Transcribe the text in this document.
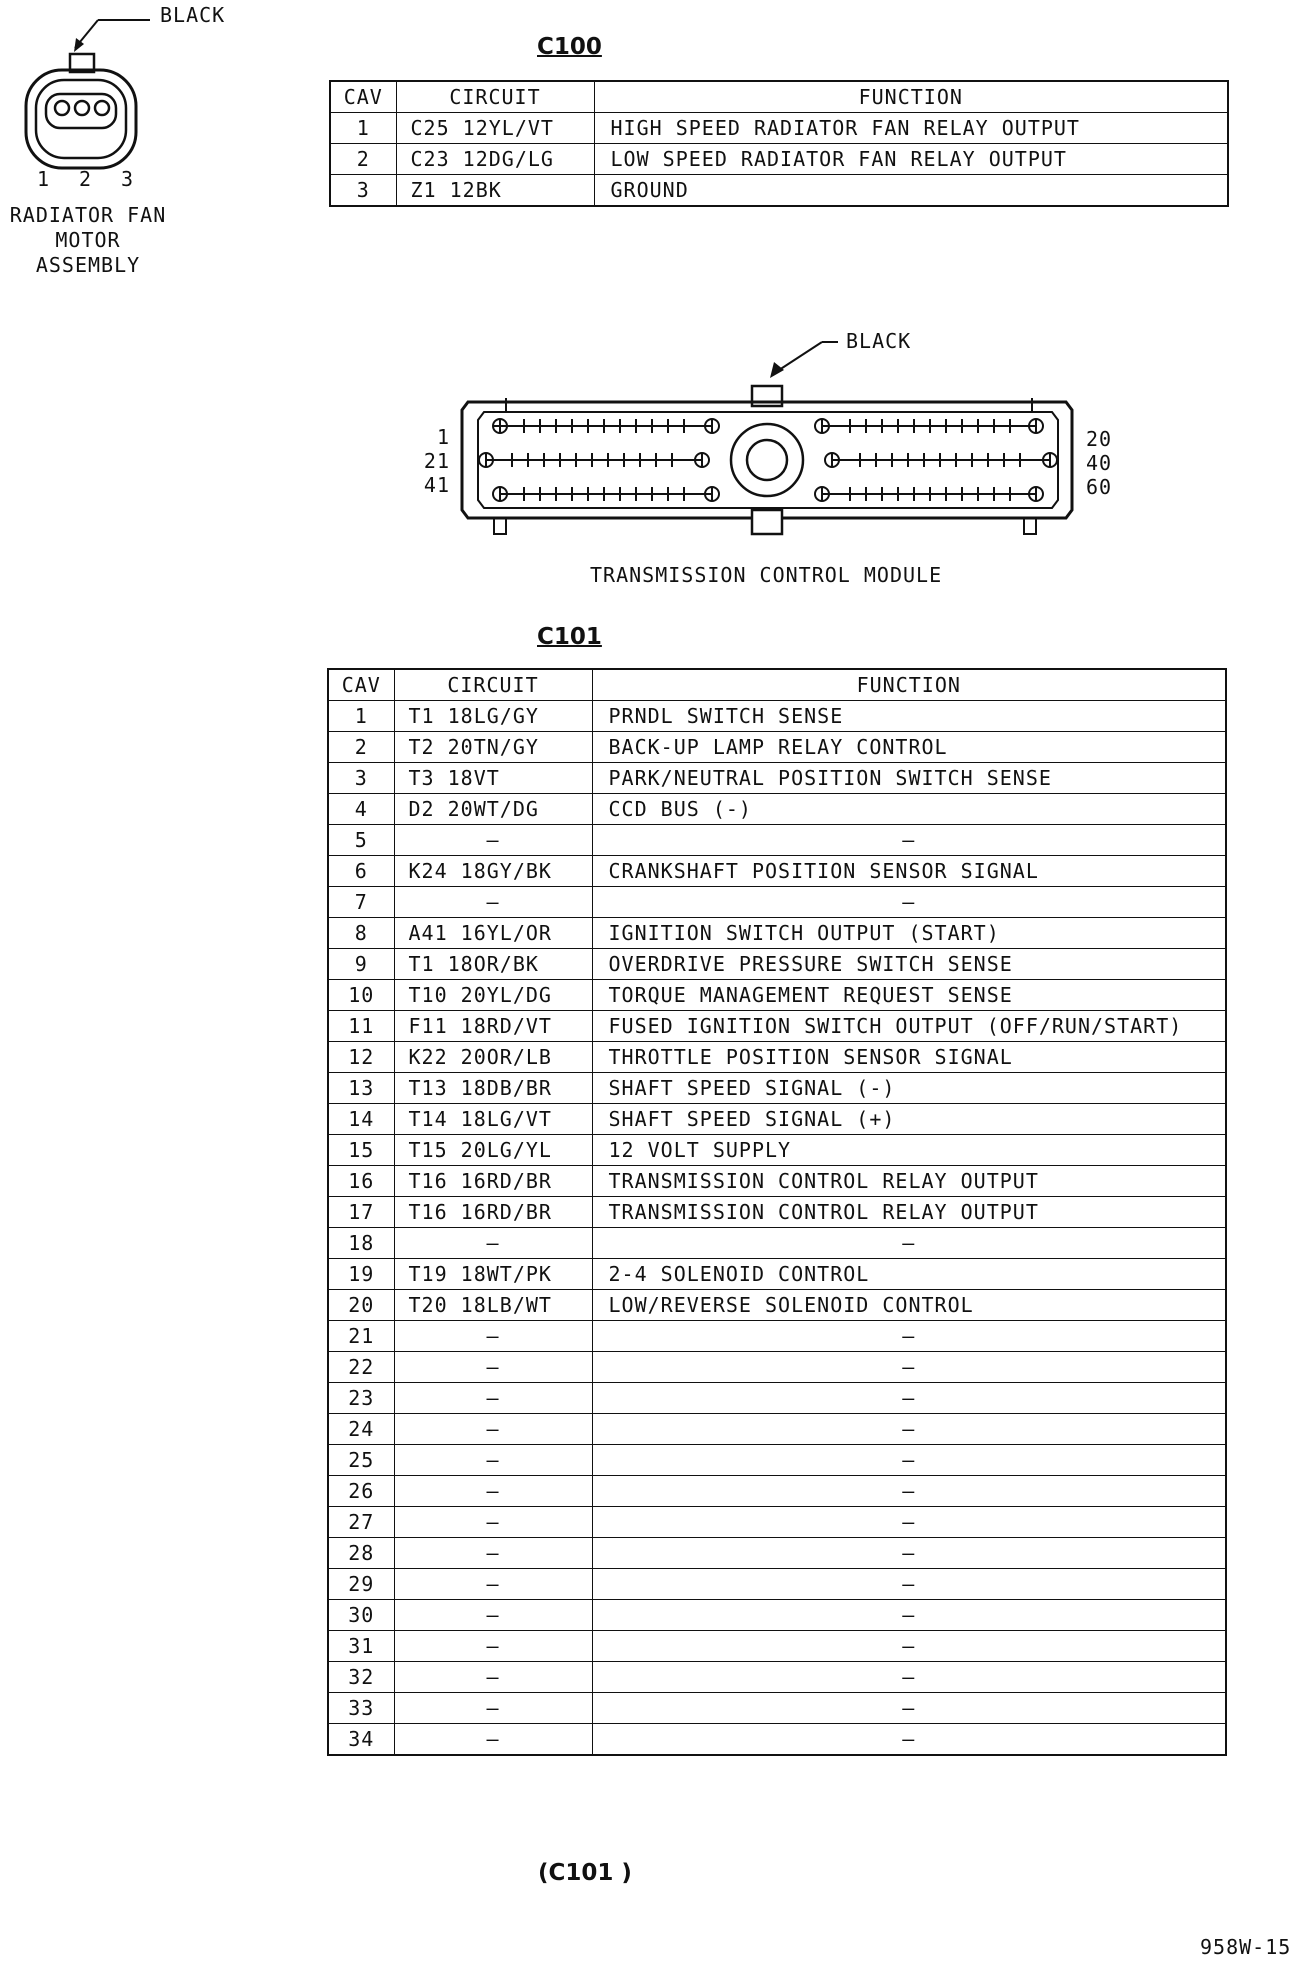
BLACK
1 2 3
RADIATOR FAN
MOTOR
ASSEMBLY
C100
CAV	CIRCUIT	FUNCTION
1	C25 12YL/VT	HIGH SPEED RADIATOR FAN RELAY OUTPUT
2	C23 12DG/LG	LOW SPEED RADIATOR FAN RELAY OUTPUT
3	Z1 12BK	GROUND
BLACK
1
21
41
20
40
60
TRANSMISSION CONTROL MODULE
C101
CAV	CIRCUIT	FUNCTION
1	T1 18LG/GY	PRNDL SWITCH SENSE
2	T2 20TN/GY	BACK-UP LAMP RELAY CONTROL
3	T3 18VT	PARK/NEUTRAL POSITION SWITCH SENSE
4	D2 20WT/DG	CCD BUS (-)
5	–	–
6	K24 18GY/BK	CRANKSHAFT POSITION SENSOR SIGNAL
7	–	–
8	A41 16YL/OR	IGNITION SWITCH OUTPUT (START)
9	T1 18OR/BK	OVERDRIVE PRESSURE SWITCH SENSE
10	T10 20YL/DG	TORQUE MANAGEMENT REQUEST SENSE
11	F11 18RD/VT	FUSED IGNITION SWITCH OUTPUT (OFF/RUN/START)
12	K22 20OR/LB	THROTTLE POSITION SENSOR SIGNAL
13	T13 18DB/BR	SHAFT SPEED SIGNAL (-)
14	T14 18LG/VT	SHAFT SPEED SIGNAL (+)
15	T15 20LG/YL	12 VOLT SUPPLY
16	T16 16RD/BR	TRANSMISSION CONTROL RELAY OUTPUT
17	T16 16RD/BR	TRANSMISSION CONTROL RELAY OUTPUT
18	–	–
19	T19 18WT/PK	2-4 SOLENOID CONTROL
20	T20 18LB/WT	LOW/REVERSE SOLENOID CONTROL
21	–	–
22	–	–
23	–	–
24	–	–
25	–	–
26	–	–
27	–	–
28	–	–
29	–	–
30	–	–
31	–	–
32	–	–
33	–	–
34	–	–
(C101 )
958W-15
